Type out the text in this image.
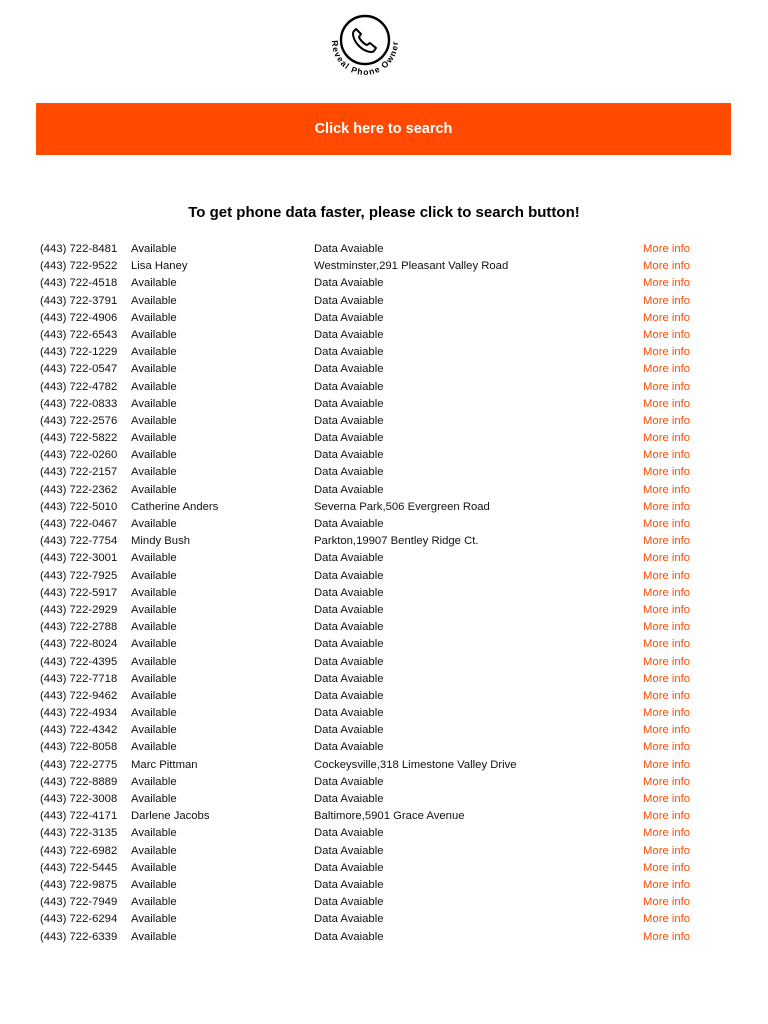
Reveal Phone Owner
Click here to search
To get phone data faster, please click to search button!
(443) 722-8481 Available	Data Avaiable	More info
(443) 722-9522 Lisa Haney	Westminster,291 Pleasant Valley Road	More info
(443) 722-4518 Available	Data Avaiable	More info
(443) 722-3791 Available	Data Avaiable	More info
(443) 722-4906 Available	Data Avaiable	More info
(443) 722-6543 Available	Data Avaiable	More info
(443) 722-1229 Available	Data Avaiable	More info
(443) 722-0547 Available	Data Avaiable	More info
(443) 722-4782 Available	Data Avaiable	More info
(443) 722-0833 Available	Data Avaiable	More info
(443) 722-2576 Available	Data Avaiable	More info
(443) 722-5822 Available	Data Avaiable	More info
(443) 722-0260 Available	Data Avaiable	More info
(443) 722-2157 Available	Data Avaiable	More info
(443) 722-2362 Available	Data Avaiable	More info
(443) 722-5010 Catherine Anders	Severna Park,506 Evergreen Road	More info
(443) 722-0467 Available	Data Avaiable	More info
(443) 722-7754 Mindy Bush	Parkton,19907 Bentley Ridge Ct.	More info
(443) 722-3001 Available	Data Avaiable	More info
(443) 722-7925 Available	Data Avaiable	More info
(443) 722-5917 Available	Data Avaiable	More info
(443) 722-2929 Available	Data Avaiable	More info
(443) 722-2788 Available	Data Avaiable	More info
(443) 722-8024 Available	Data Avaiable	More info
(443) 722-4395 Available	Data Avaiable	More info
(443) 722-7718 Available	Data Avaiable	More info
(443) 722-9462 Available	Data Avaiable	More info
(443) 722-4934 Available	Data Avaiable	More info
(443) 722-4342 Available	Data Avaiable	More info
(443) 722-8058 Available	Data Avaiable	More info
(443) 722-2775 Marc Pittman	Cockeysville,318 Limestone Valley Drive	More info
(443) 722-8889 Available	Data Avaiable	More info
(443) 722-3008 Available	Data Avaiable	More info
(443) 722-4171 Darlene Jacobs	Baltimore,5901 Grace Avenue	More info
(443) 722-3135 Available	Data Avaiable	More info
(443) 722-6982 Available	Data Avaiable	More info
(443) 722-5445 Available	Data Avaiable	More info
(443) 722-9875 Available	Data Avaiable	More info
(443) 722-7949 Available	Data Avaiable	More info
(443) 722-6294 Available	Data Avaiable	More info
(443) 722-6339 Available	Data Avaiable	More info
